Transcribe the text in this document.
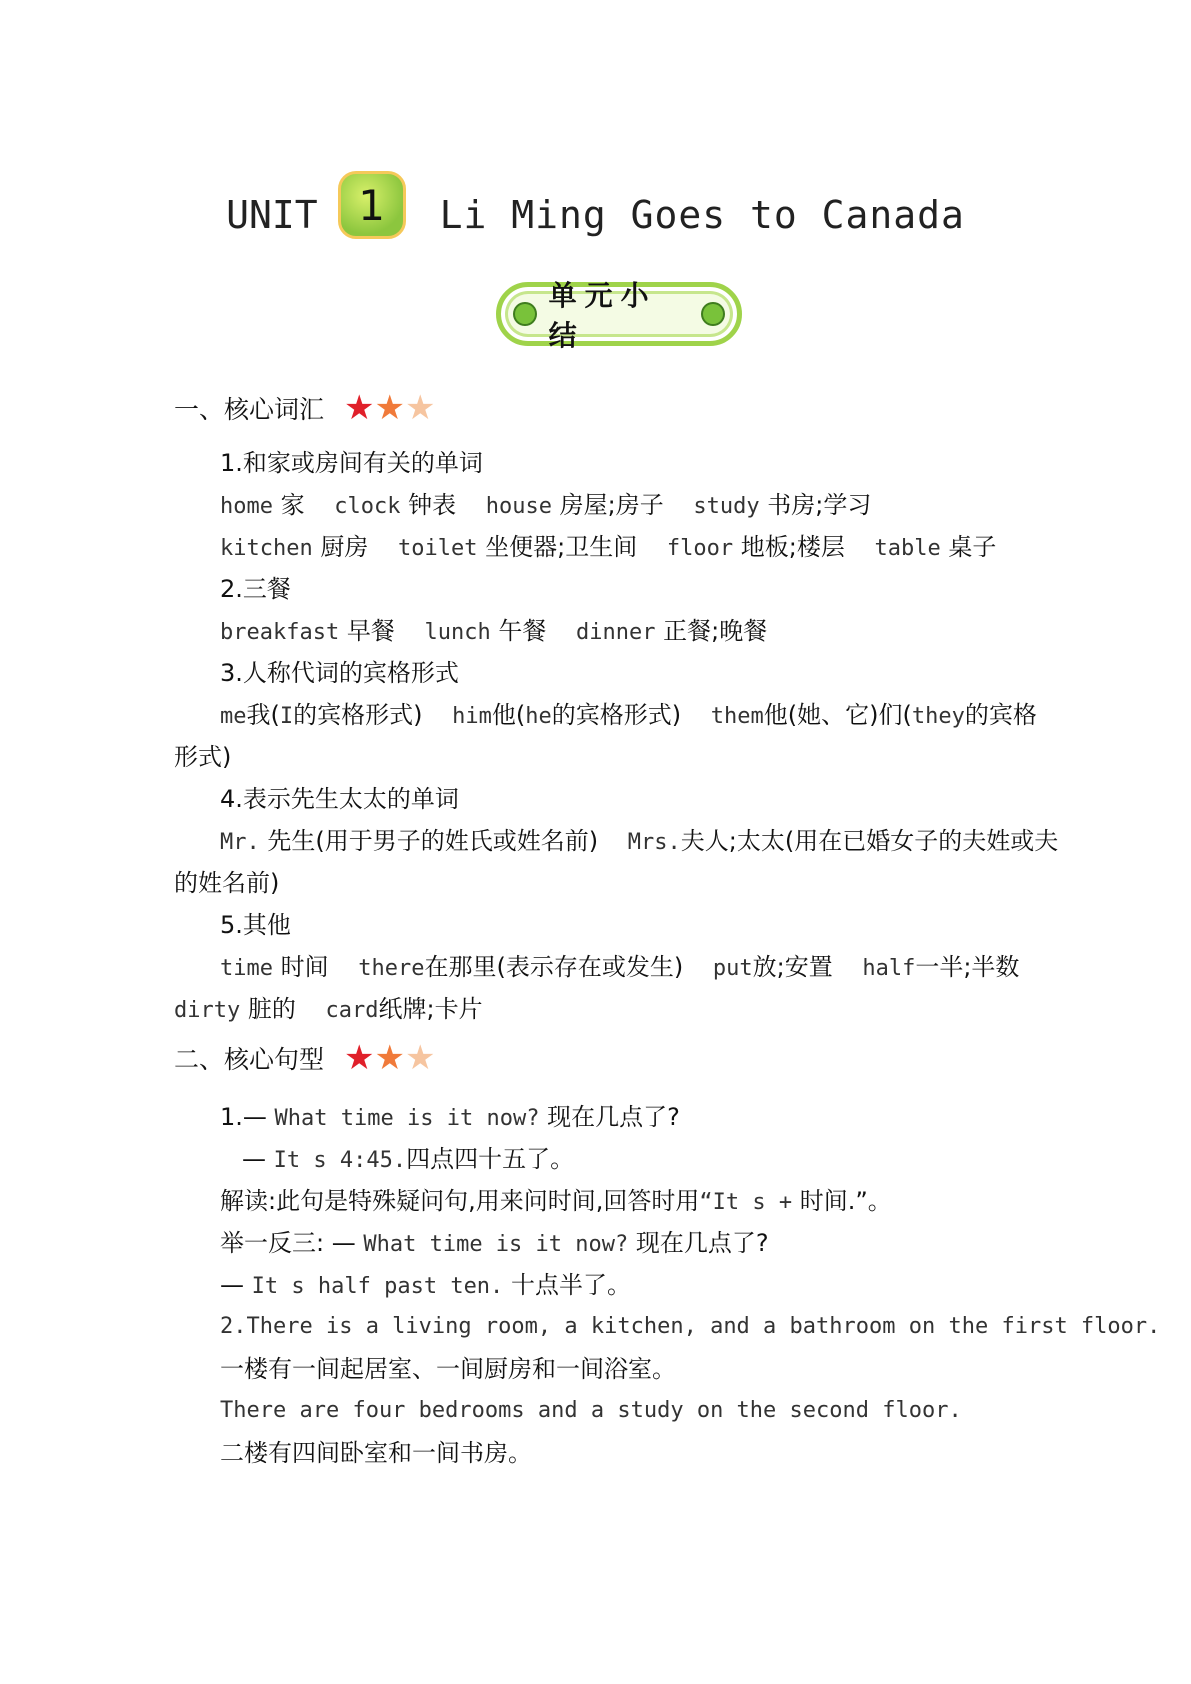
UNIT 1	Li Ming Goes to Canada
单元小结
一、核心词汇 ★ ★ ★
1.和家或房间有关的单词
home 家 clock 钟表 house 房屋;房子 study 书房;学习
kitchen 厨房 toilet 坐便器;卫生间 floor 地板;楼层 table 桌子
2.三餐
breakfast 早餐 lunch 午餐 dinner 正餐;晚餐
3.人称代词的宾格形式
me我(I的宾格形式) him他(he的宾格形式) them他(她、它)们(they的宾格
形式)
4.表示先生太太的单词
Mr. 先生(用于男子的姓氏或姓名前) Mrs.夫人;太太(用在已婚女子的夫姓或夫
的姓名前)
5.其他
time 时间 there在那里(表示存在或发生) put放;安置 half一半;半数
dirty 脏的 card纸牌;卡片
二、核心句型 ★ ★ ★
1.— What time is it now? 现在几点了?
— It s 4:45.四点四十五了。
解读:此句是特殊疑问句,用来问时间,回答时用“It s + 时间.”。
举一反三: — What time is it now? 现在几点了?
— It s half past ten. 十点半了。
2.There is a living room, a kitchen, and a bathroom on the first floor.
一楼有一间起居室、一间厨房和一间浴室。
There are four bedrooms and a study on the second floor.
二楼有四间卧室和一间书房。
